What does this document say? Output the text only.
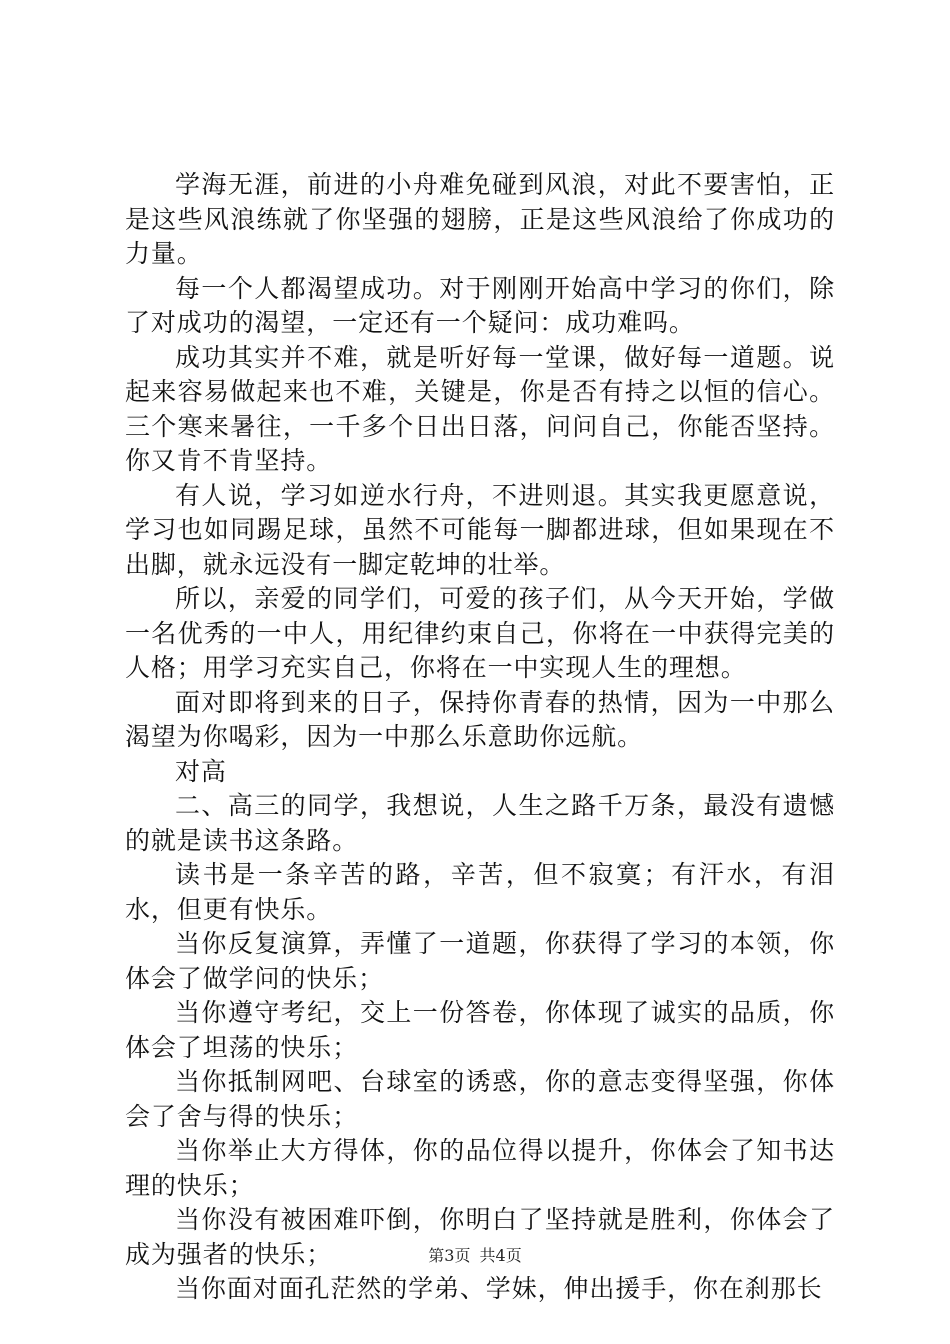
学海无涯，前进的小舟难免碰到风浪，对此不要害怕，正是这些风浪练就了你坚强的翅膀，正是这些风浪给了你成功的力量。

每一个人都渴望成功。对于刚刚开始高中学习的你们，除了对成功的渴望，一定还有一个疑问：成功难吗。

成功其实并不难，就是听好每一堂课，做好每一道题。说起来容易做起来也不难，关键是，你是否有持之以恒的信心。三个寒来暑往，一千多个日出日落，问问自己，你能否坚持。你又肯不肯坚持。

有人说，学习如逆水行舟，不进则退。其实我更愿意说，学习也如同踢足球，虽然不可能每一脚都进球，但如果现在不出脚，就永远没有一脚定乾坤的壮举。

所以，亲爱的同学们，可爱的孩子们，从今天开始，学做一名优秀的一中人，用纪律约束自己，你将在一中获得完美的人格；用学习充实自己，你将在一中实现人生的理想。

面对即将到来的日子，保持你青春的热情，因为一中那么渴望为你喝彩，因为一中那么乐意助你远航。

对高

二、高三的同学，我想说，人生之路千万条，最没有遗憾的就是读书这条路。

读书是一条辛苦的路，辛苦，但不寂寞；有汗水，有泪水，但更有快乐。

当你反复演算，弄懂了一道题，你获得了学习的本领，你体会了做学问的快乐；

当你遵守考纪，交上一份答卷，你体现了诚实的品质，你体会了坦荡的快乐；

当你抵制网吧、台球室的诱惑，你的意志变得坚强，你体会了舍与得的快乐；

当你举止大方得体，你的品位得以提升，你体会了知书达理的快乐；

当你没有被困难吓倒，你明白了坚持就是胜利，你体会了成为强者的快乐；

当你面对面孔茫然的学弟、学妹，伸出援手，你在刹那长

第3页 共4页
